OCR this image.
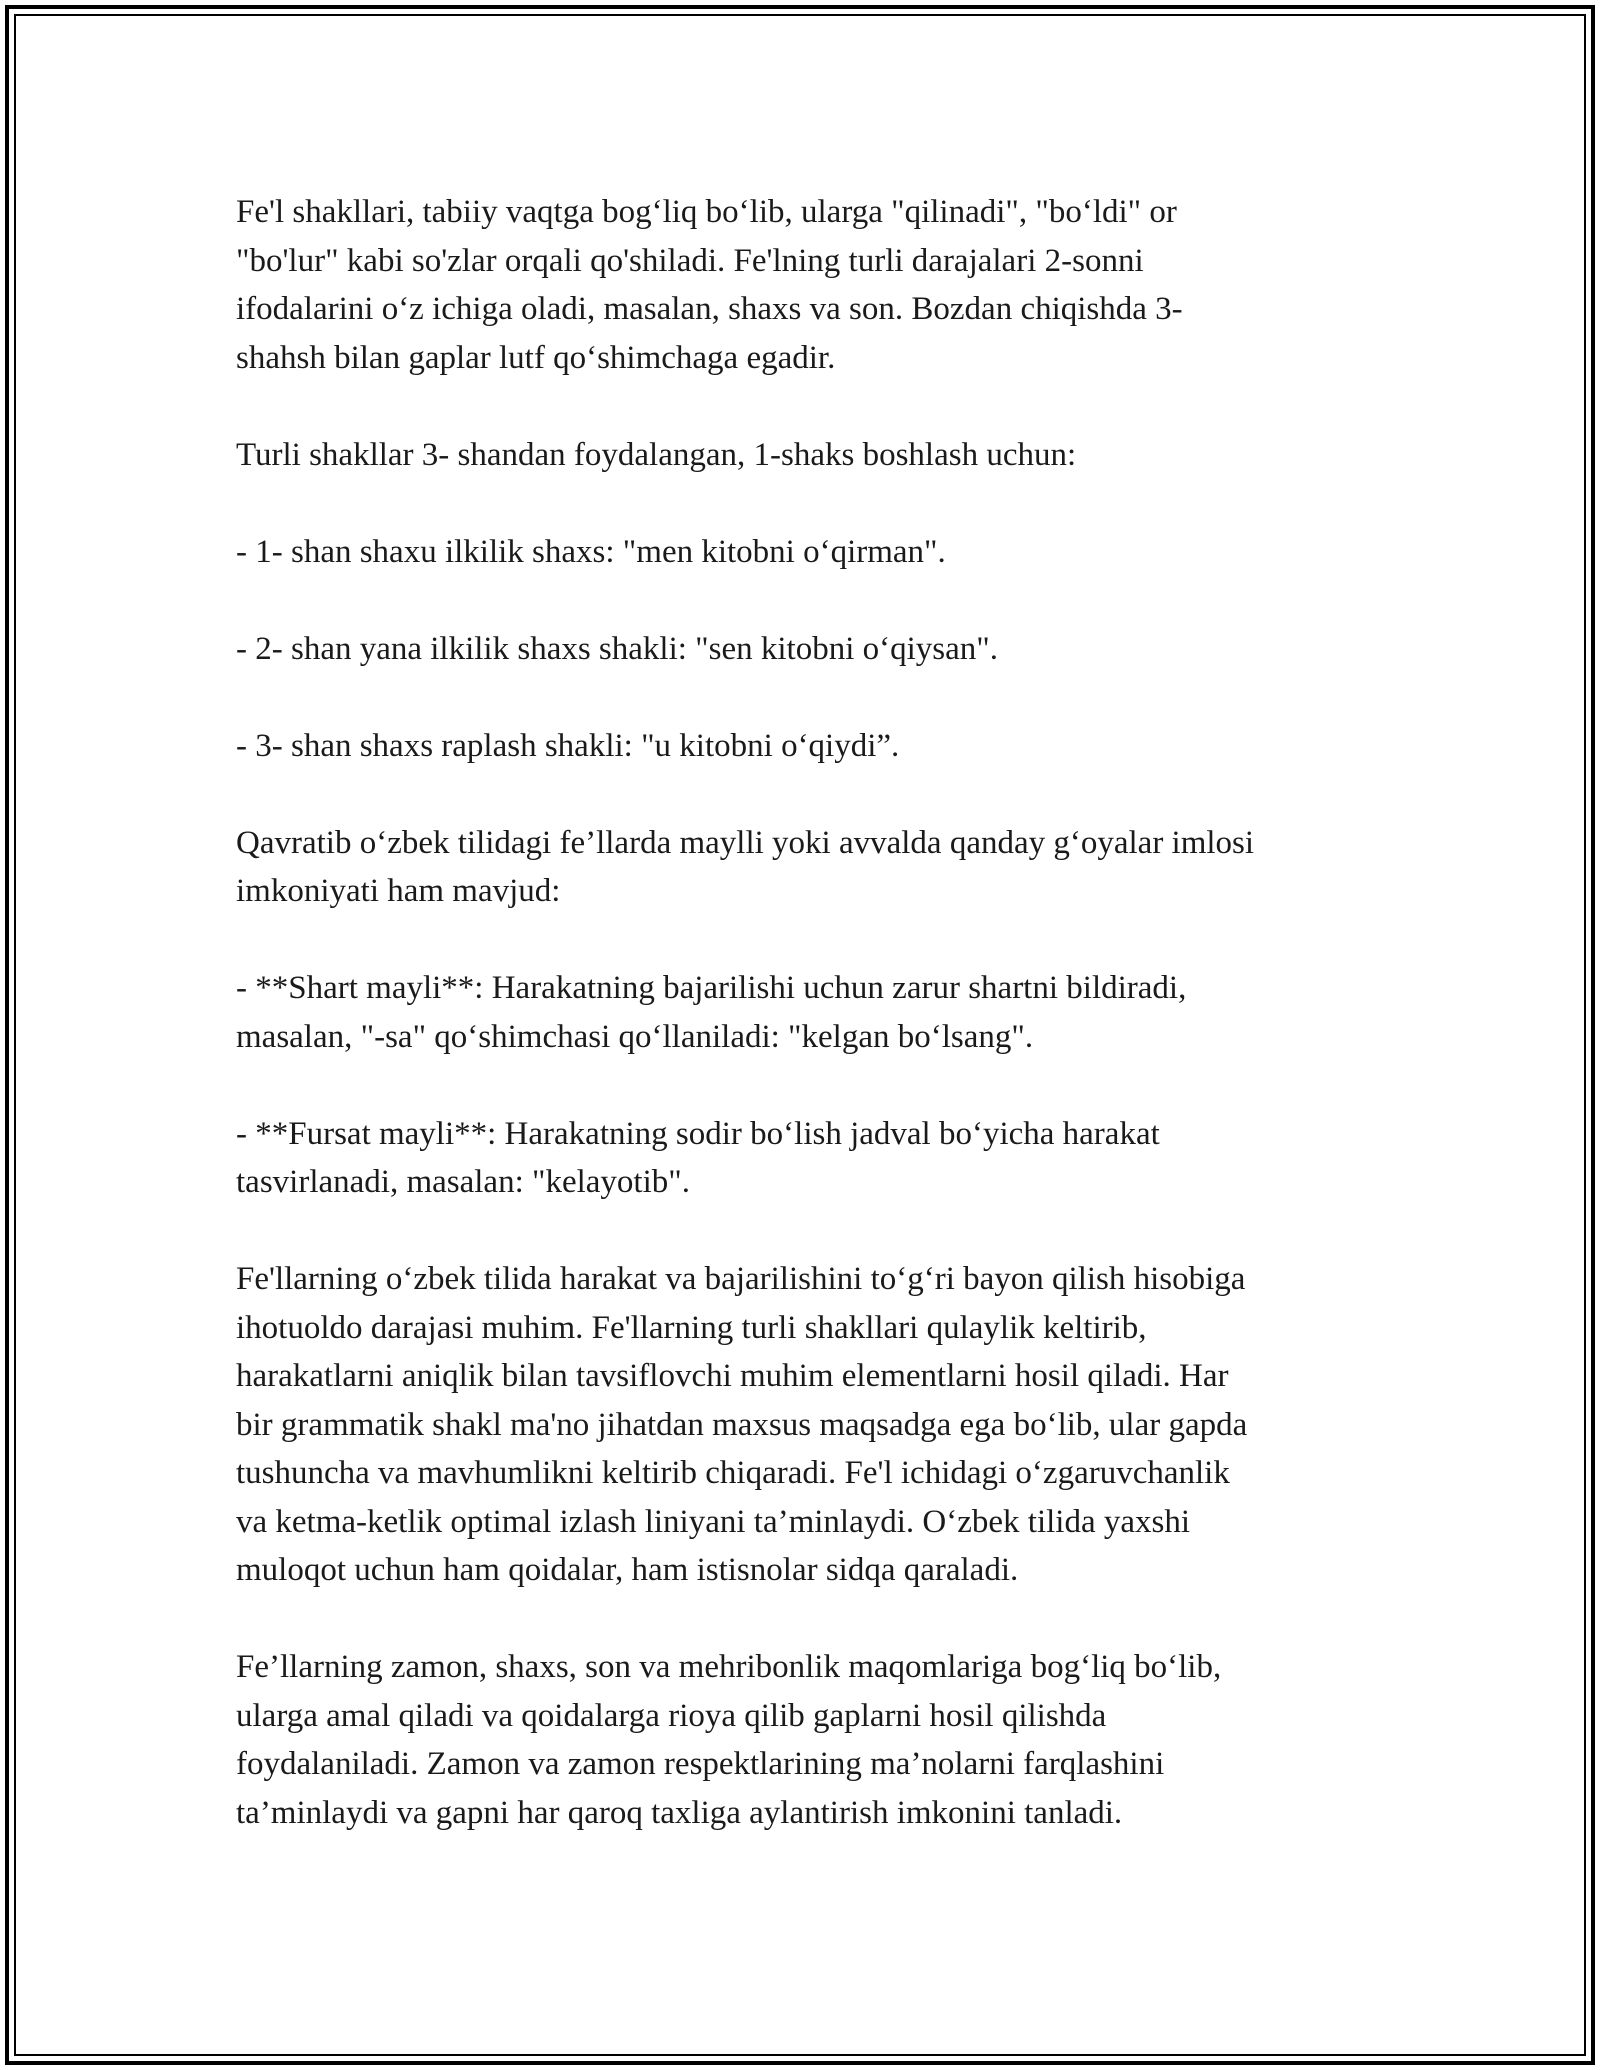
Fe'l shakllari, tabiiy vaqtga bog‘liq bo‘lib, ularga "qilinadi", "bo‘ldi" or
"bo'lur" kabi so'zlar orqali qo'shiladi. Fe'lning turli darajalari 2-sonni
ifodalarini o‘z ichiga oladi, masalan, shaxs va son. Bozdan chiqishda 3-
shahsh bilan gaplar lutf qo‘shimchaga egadir.

Turli shakllar 3- shandan foydalangan, 1-shaks boshlash uchun:

- 1- shan shaxu ilkilik shaxs: "men kitobni o‘qirman".

- 2- shan yana ilkilik shaxs shakli: "sen kitobni o‘qiysan".

- 3- shan shaxs raplash shakli: "u kitobni o‘qiydi”.

Qavratib o‘zbek tilidagi fe’llarda maylli yoki avvalda qanday g‘oyalar imlosi
imkoniyati ham mavjud:

- **Shart mayli**: Harakatning bajarilishi uchun zarur shartni bildiradi,
masalan, "-sa" qo‘shimchasi qo‘llaniladi: "kelgan bo‘lsang".

- **Fursat mayli**: Harakatning sodir bo‘lish jadval bo‘yicha harakat
tasvirlanadi, masalan: "kelayotib".

Fe'llarning o‘zbek tilida harakat va bajarilishini to‘g‘ri bayon qilish hisobiga
ihotuoldo darajasi muhim. Fe'llarning turli shakllari qulaylik keltirib,
harakatlarni aniqlik bilan tavsiflovchi muhim elementlarni hosil qiladi. Har
bir grammatik shakl ma'no jihatdan maxsus maqsadga ega bo‘lib, ular gapda
tushuncha va mavhumlikni keltirib chiqaradi. Fe'l ichidagi o‘zgaruvchanlik
va ketma-ketlik optimal izlash liniyani ta’minlaydi. O‘zbek tilida yaxshi
muloqot uchun ham qoidalar, ham istisnolar sidqa qaraladi.

Fe’llarning zamon, shaxs, son va mehribonlik maqomlariga bog‘liq bo‘lib,
ularga amal qiladi va qoidalarga rioya qilib gaplarni hosil qilishda
foydalaniladi. Zamon va zamon respektlarining ma’nolarni farqlashini
ta’minlaydi va gapni har qaroq taxliga aylantirish imkonini tanladi.
